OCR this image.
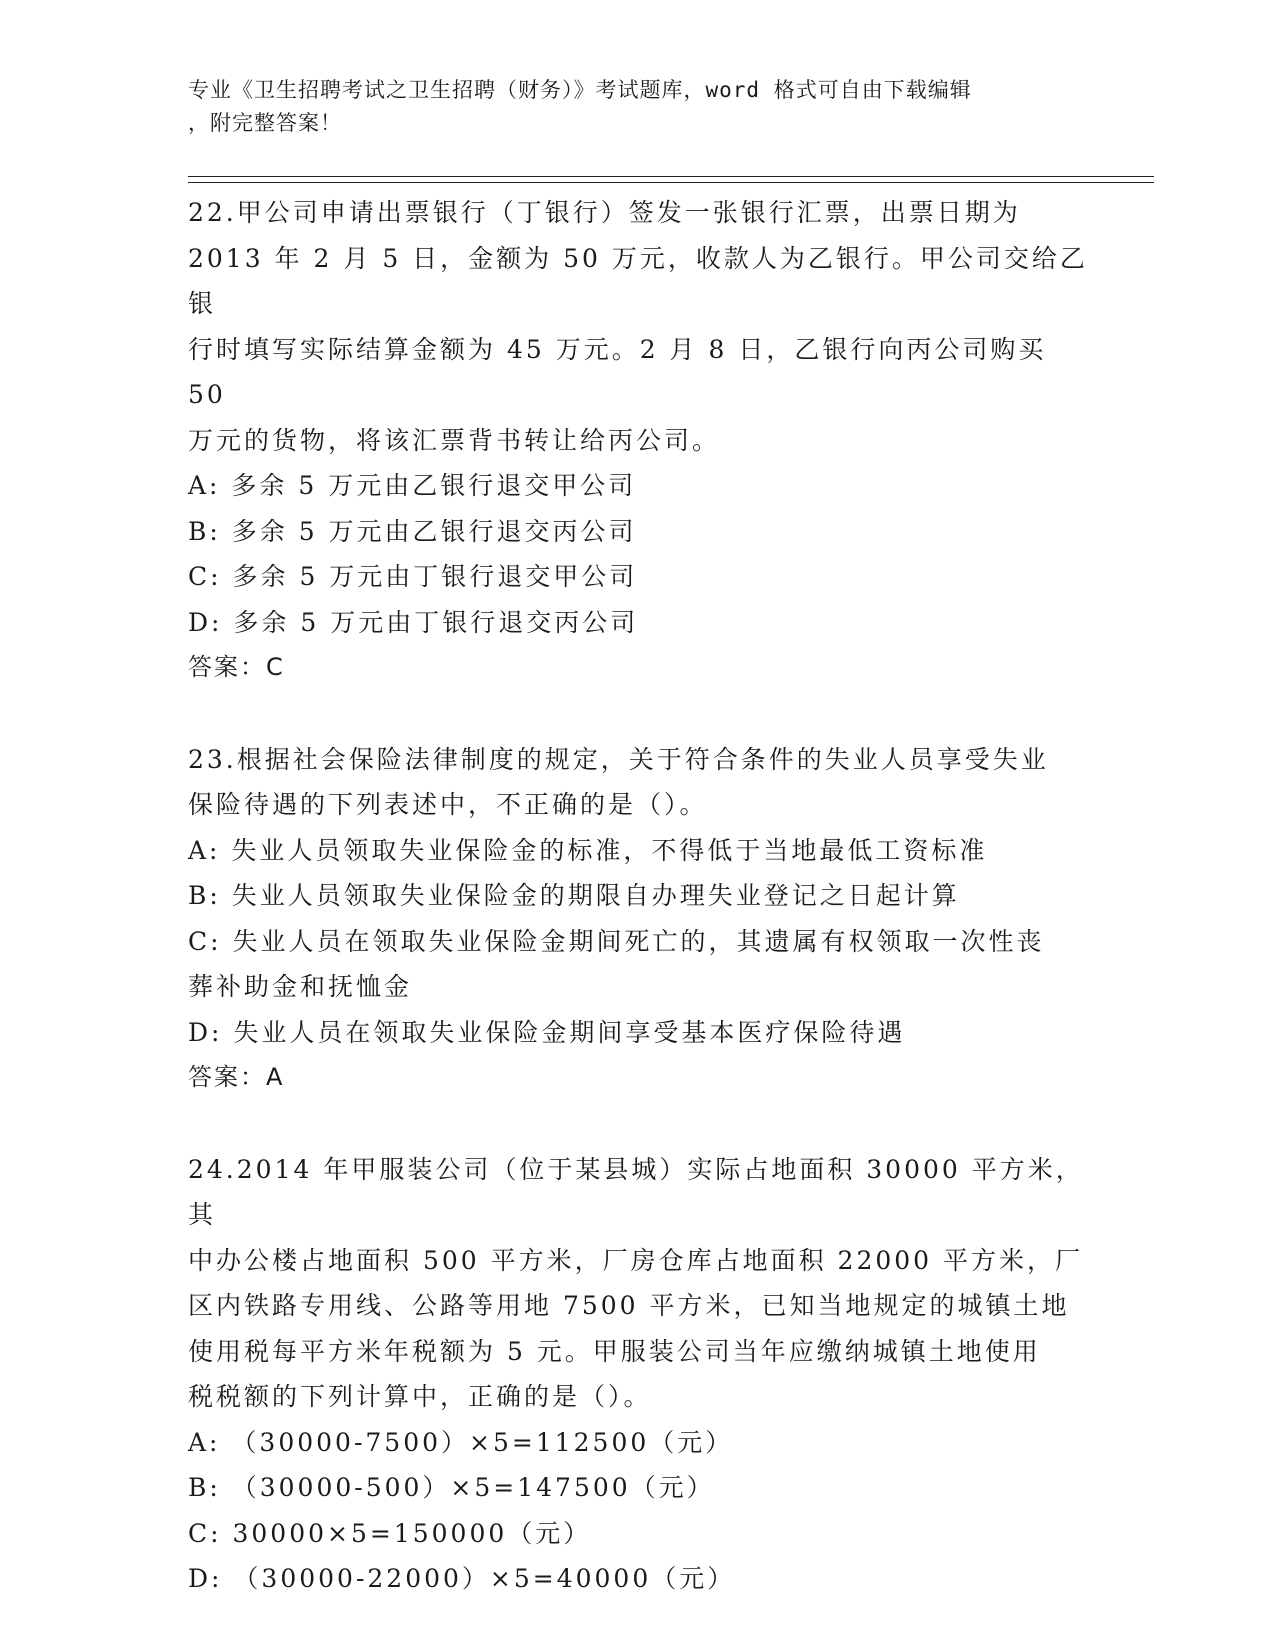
专业《卫生招聘考试之卫生招聘（财务）》考试题库，word 格式可自由下载编辑
，附完整答案！
22.甲公司申请出票银行（丁银行）签发一张银行汇票，出票日期为
2013 年 2 月 5 日，金额为 50 万元，收款人为乙银行。甲公司交给乙银
行时填写实际结算金额为 45 万元。2 月 8 日，乙银行向丙公司购买 50
万元的货物，将该汇票背书转让给丙公司。
A: 多余 5 万元由乙银行退交甲公司
B: 多余 5 万元由乙银行退交丙公司
C: 多余 5 万元由丁银行退交甲公司
D: 多余 5 万元由丁银行退交丙公司
答案：C
23.根据社会保险法律制度的规定，关于符合条件的失业人员享受失业
保险待遇的下列表述中，不正确的是（）。
A: 失业人员领取失业保险金的标准，不得低于当地最低工资标准
B: 失业人员领取失业保险金的期限自办理失业登记之日起计算
C: 失业人员在领取失业保险金期间死亡的，其遗属有权领取一次性丧
葬补助金和抚恤金
D: 失业人员在领取失业保险金期间享受基本医疗保险待遇
答案：A
24.2014 年甲服装公司（位于某县城）实际占地面积 30000 平方米，其
中办公楼占地面积 500 平方米，厂房仓库占地面积 22000 平方米，厂
区内铁路专用线、公路等用地 7500 平方米，已知当地规定的城镇土地
使用税每平方米年税额为 5 元。甲服装公司当年应缴纳城镇土地使用
税税额的下列计算中，正确的是（）。
A: （30000-7500）×5=112500（元）
B: （30000-500）×5=147500（元）
C: 30000×5=150000（元）
D: （30000-22000）×5=40000（元）
